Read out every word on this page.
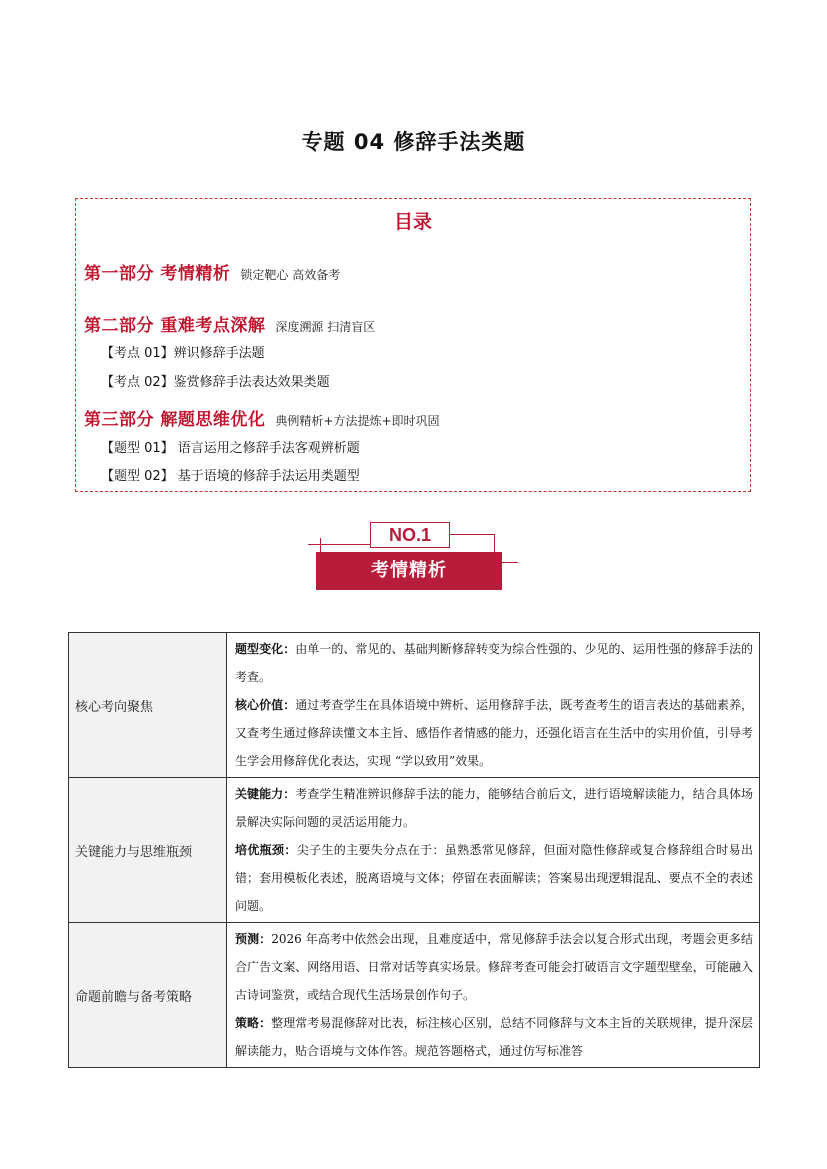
专题 04 修辞手法类题
目录
第一部分 考情精析 锁定靶心 高效备考
第二部分 重难考点深解 深度溯源 扫清盲区
【考点 01】辨识修辞手法题
【考点 02】鉴赏修辞手法表达效果类题
第三部分 解题思维优化 典例精析+方法提炼+即时巩固
【题型 01】 语言运用之修辞手法客观辨析题
【题型 02】 基于语境的修辞手法运用类题型
NO.1
考情精析
核心考向聚焦	题型变化：由单一的、常见的、基础判断修辞转变为综合性强的、少见的、运用性强的修辞手法的考查。
核心价值：通过考查学生在具体语境中辨析、运用修辞手法，既考查考生的语言表达的基础素养，又查考生通过修辞读懂文本主旨、感悟作者情感的能力，还强化语言在生活中的实用价值，引导考生学会用修辞优化表达，实现 “学以致用”效果。

关键能力与思维瓶颈	关键能力：考查学生精准辨识修辞手法的能力，能够结合前后文，进行语境解读能力，结合具体场景解决实际问题的灵活运用能力。
培优瓶颈：尖子生的主要失分点在于：虽熟悉常见修辞，但面对隐性修辞或复合修辞组合时易出错；套用模板化表述，脱离语境与文体；停留在表面解读；答案易出现逻辑混乱、要点不全的表述问题。

命题前瞻与备考策略	预测：2026 年高考中依然会出现，且难度适中，常见修辞手法会以复合形式出现，考题会更多结合广告文案、网络用语、日常对话等真实场景。修辞考查可能会打破语言文字题型壁垒，可能融入古诗词鉴赏，或结合现代生活场景创作句子。
策略：整理常考易混修辞对比表，标注核心区别，总结不同修辞与文本主旨的关联规律，提升深层解读能力，贴合语境与文体作答。规范答题格式，通过仿写标准答
